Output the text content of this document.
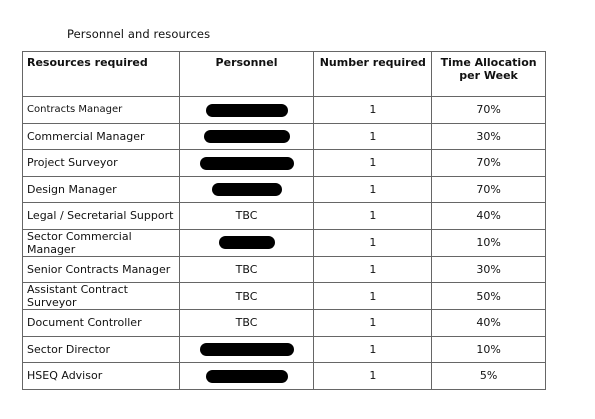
Personnel and resources
Resources required	Personnel	Number required	Time Allocation per Week
Contracts Manager		1	70%
Commercial Manager		1	30%
Project Surveyor		1	70%
Design Manager		1	70%
Legal / Secretarial Support	TBC	1	40%
Sector Commercial Manager		1	10%
Senior Contracts Manager	TBC	1	30%
Assistant Contract Surveyor	TBC	1	50%
Document Controller	TBC	1	40%
Sector Director		1	10%
HSEQ Advisor		1	5%
